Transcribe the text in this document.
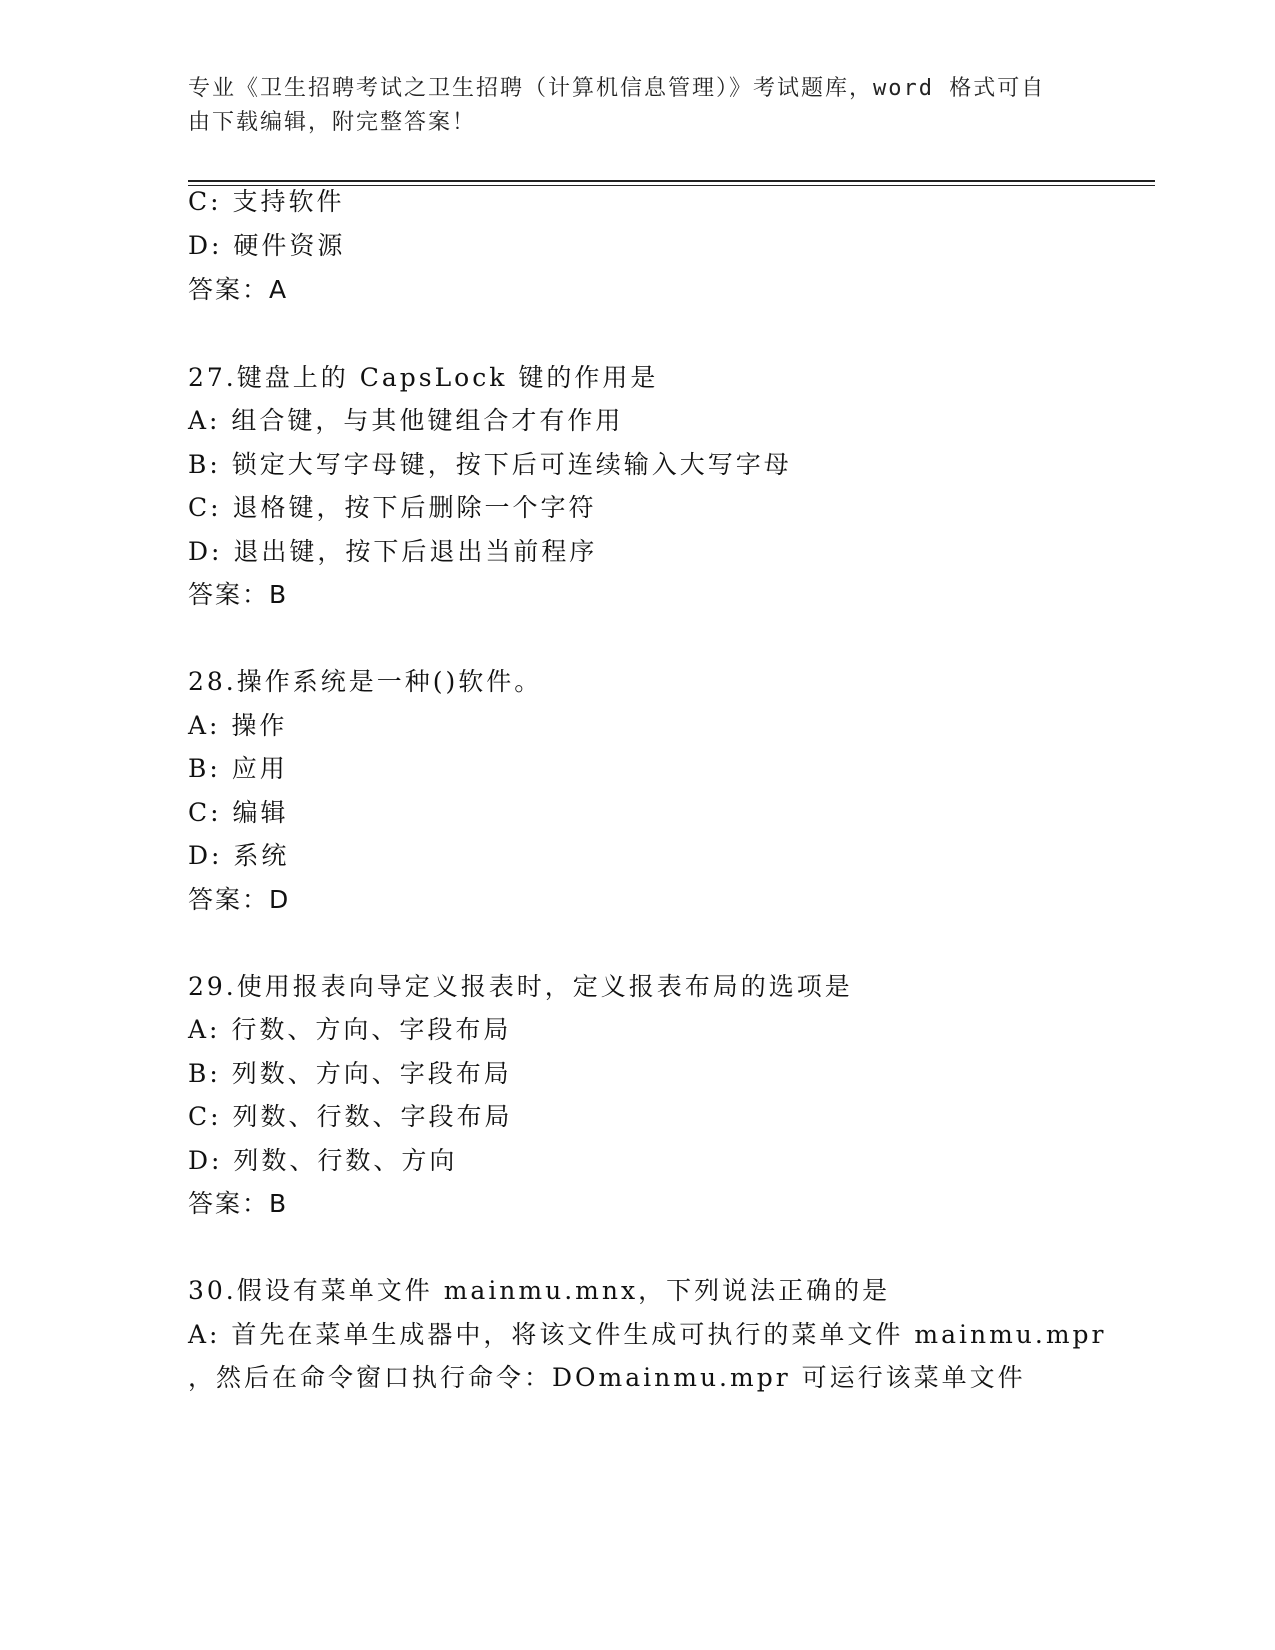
专业《卫生招聘考试之卫生招聘（计算机信息管理）》考试题库，word 格式可自
由下载编辑，附完整答案！
C: 支持软件
D: 硬件资源
答案：A
27.键盘上的 CapsLock 键的作用是
A: 组合键，与其他键组合才有作用
B: 锁定大写字母键，按下后可连续输入大写字母
C: 退格键，按下后删除一个字符
D: 退出键，按下后退出当前程序
答案：B
28.操作系统是一种()软件。
A: 操作
B: 应用
C: 编辑
D: 系统
答案：D
29.使用报表向导定义报表时，定义报表布局的选项是
A: 行数、方向、字段布局
B: 列数、方向、字段布局
C: 列数、行数、字段布局
D: 列数、行数、方向
答案：B
30.假设有菜单文件 mainmu.mnx，下列说法正确的是
A: 首先在菜单生成器中，将该文件生成可执行的菜单文件 mainmu.mpr
，然后在命令窗口执行命令：DOmainmu.mpr 可运行该菜单文件
